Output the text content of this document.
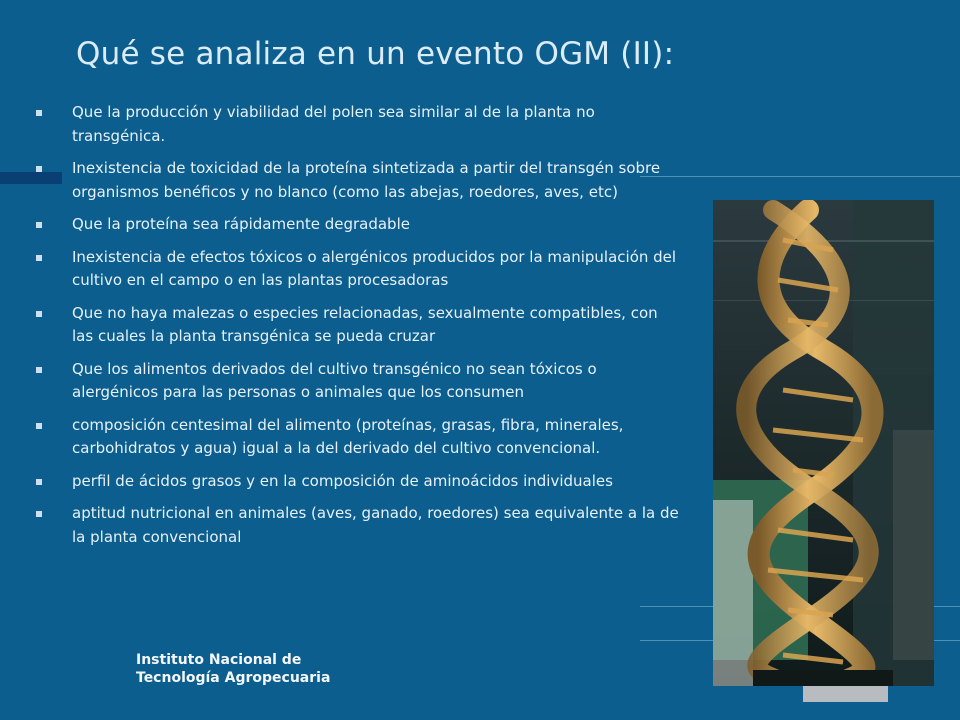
Qué se analiza en un evento OGM (II):
Que la producción y viabilidad del polen sea similar al de la planta no transgénica.
Inexistencia de toxicidad de la proteína sintetizada a partir del transgén sobre organismos benéficos y no blanco (como las abejas, roedores, aves, etc)
Que la proteína sea rápidamente degradable
Inexistencia de efectos tóxicos o alergénicos producidos por la manipulación del cultivo en el campo o en las plantas procesadoras
Que no haya malezas o especies relacionadas, sexualmente compatibles, con las cuales la planta transgénica se pueda cruzar
Que los alimentos derivados del cultivo transgénico no sean tóxicos o alergénicos para las personas o animales que los consumen
composición centesimal del alimento (proteínas, grasas, fibra, minerales, carbohidratos y agua) igual a la del derivado del cultivo convencional.
perfil de ácidos grasos y en la composición de aminoácidos individuales
aptitud nutricional en animales (aves, ganado, roedores) sea equivalente a la de la planta convencional
Instituto Nacional de
Tecnología Agropecuaria
